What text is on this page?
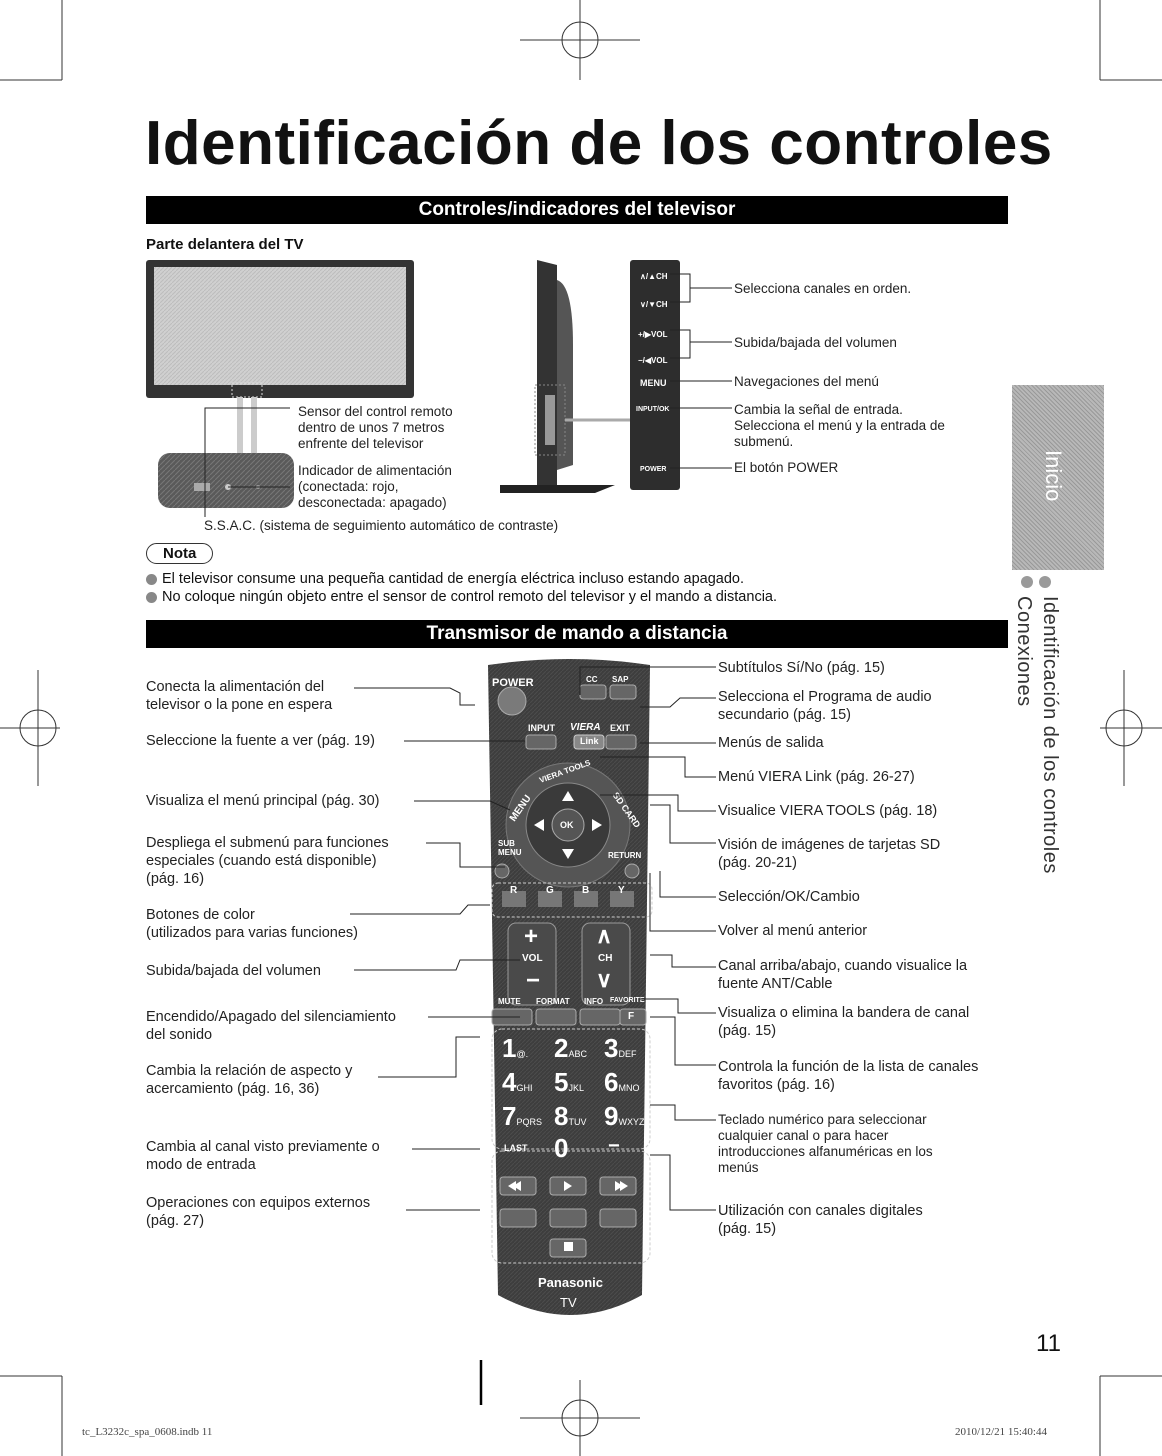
Identificación de los controles
Controles/indicadores del televisor
Parte delantera del TV
Sensor del control remoto
dentro de unos 7 metros
enfrente del televisor
Indicador de alimentación
(conectada: rojo,
desconectada: apagado)
S.S.A.C. (sistema de seguimiento automático de contraste)
∧/▲CH
∨/▼CH
+/▶VOL
−/◀VOL
MENU
INPUT/OK
POWER
Selecciona canales en orden.
Subida/bajada del volumen
Navegaciones del menú
Cambia la señal de entrada.
Selecciona el menú y la entrada de
submenú.
El botón POWER
Nota
El televisor consume una pequeña cantidad de energía eléctrica incluso estando apagado.
No coloque ningún objeto entre el sensor de control remoto del televisor y el mando a distancia.
Transmisor de mando a distancia
Inicio
Identificación de los controles
Conexiones
POWER	CC SAP
INPUT VIERA
Link
EXIT
VIERA TOOLS
MENU	SD CARD
OK
SUB MENU	RETURN
R	G	B	Y
+
VOL
−
∧
CH
∨
MUTE FORMAT INFO FAVORITE
F
1@. 2ABC 3DEF
4GHI 5JKL 6MNO
7PQRS 8TUV 9WXYZ
LAST 0 −
Panasonic
TV
Conecta la alimentación del
televisor o la pone en espera
Seleccione la fuente a ver (pág. 19)
Visualiza el menú principal (pág. 30)
Despliega el submenú para funciones
especiales (cuando está disponible)
(pág. 16)
Botones de color
(utilizados para varias funciones)
Subida/bajada del volumen
Encendido/Apagado del silenciamiento
del sonido
Cambia la relación de aspecto y
acercamiento (pág. 16, 36)
Cambia al canal visto previamente o
modo de entrada
Operaciones con equipos externos
(pág. 27)
Subtítulos Sí/No (pág. 15)
Selecciona el Programa de audio
secundario (pág. 15)
Menús de salida
Menú VIERA Link (pág. 26-27)
Visualice VIERA TOOLS (pág. 18)
Visión de imágenes de tarjetas SD
(pág. 20-21)
Selección/OK/Cambio
Volver al menú anterior
Canal arriba/abajo, cuando visualice la
fuente ANT/Cable
Visualiza o elimina la bandera de canal
(pág. 15)
Controla la función de la lista de canales
favoritos (pág. 16)
Teclado numérico para seleccionar
cualquier canal o para hacer
introducciones alfanuméricas en los
menús
Utilización con canales digitales
(pág. 15)
11
tc_L3232c_spa_0608.indb 11	2010/12/21 15:40:44
